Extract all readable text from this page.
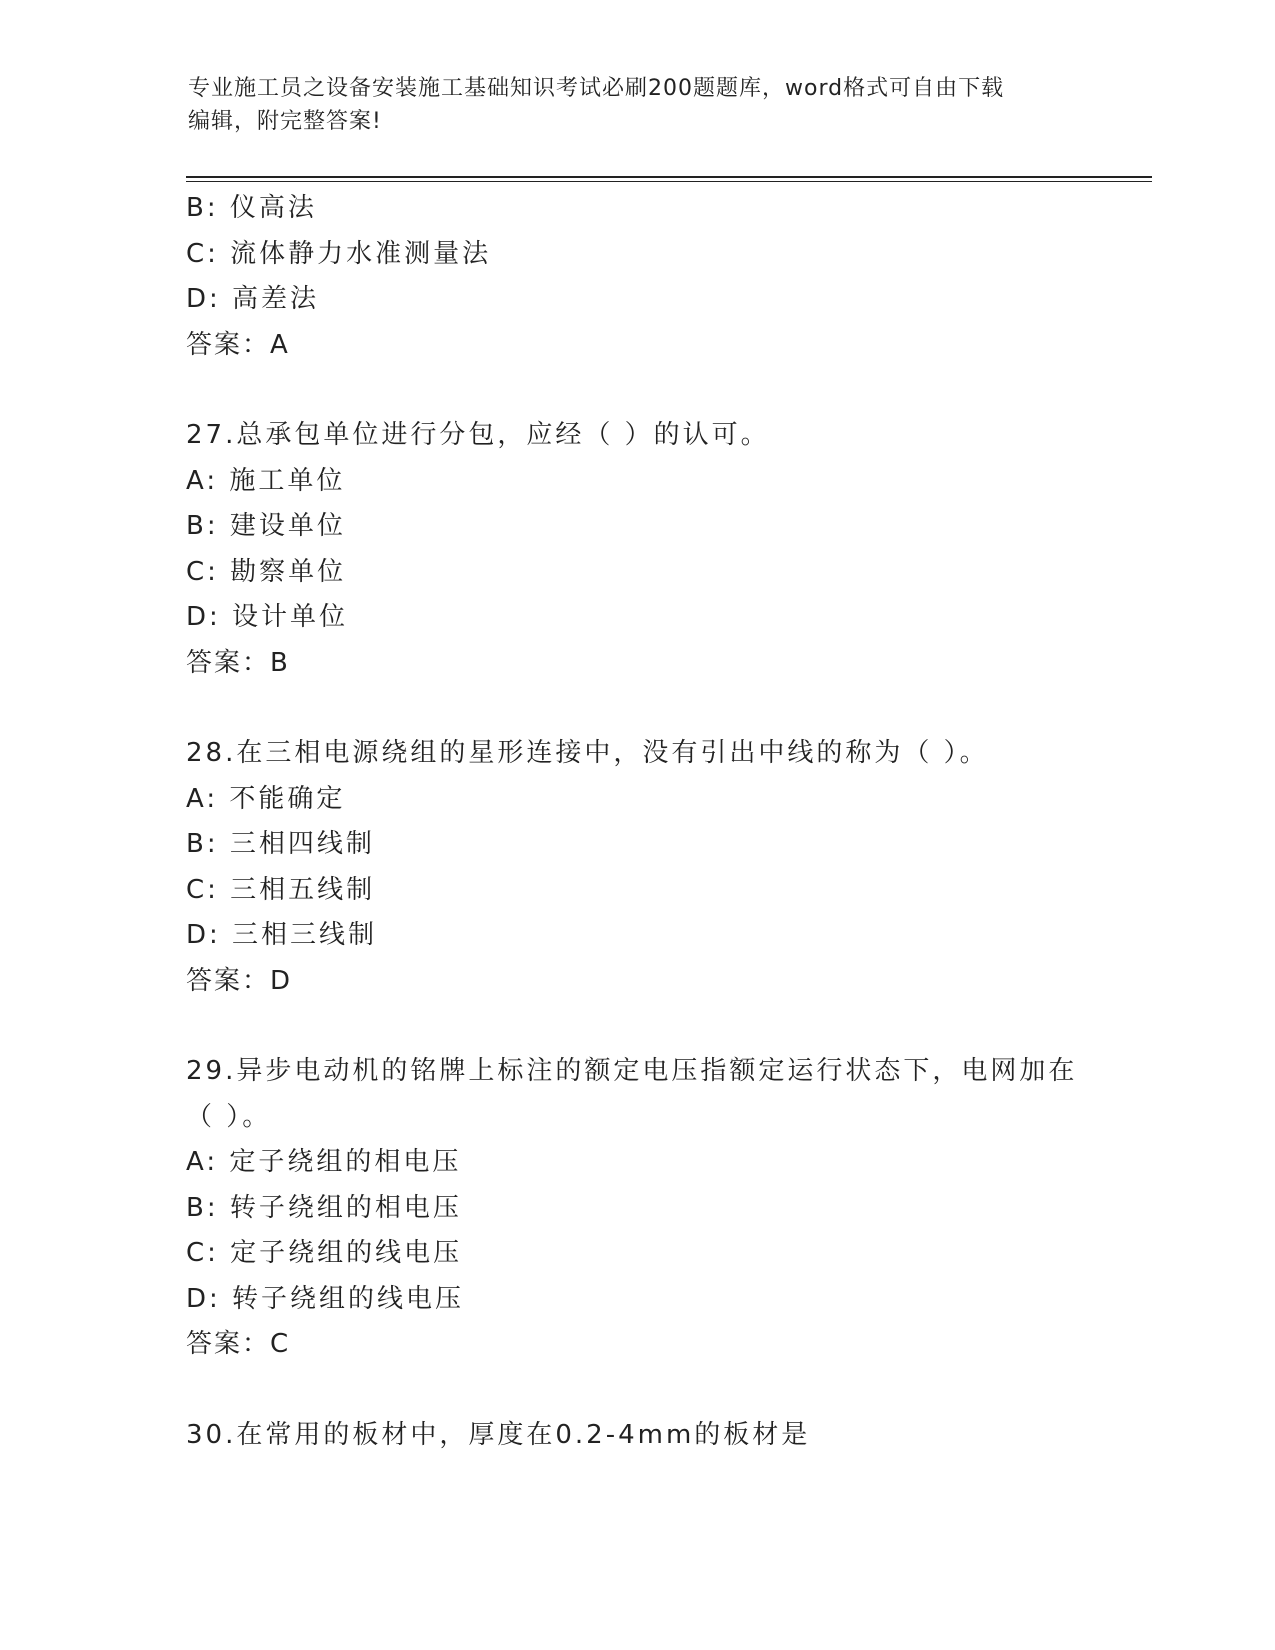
专业施工员之设备安装施工基础知识考试必刷200题题库，word格式可自由下载
编辑，附完整答案!
B: 仪高法
C: 流体静力水准测量法
D: 高差法
答案：A
27.总承包单位进行分包，应经（ ）的认可。
A: 施工单位
B: 建设单位
C: 勘察单位
D: 设计单位
答案：B
28.在三相电源绕组的星形连接中，没有引出中线的称为（ ）。
A: 不能确定
B: 三相四线制
C: 三相五线制
D: 三相三线制
答案：D
29.异步电动机的铭牌上标注的额定电压指额定运行状态下，电网加在
（ ）。
A: 定子绕组的相电压
B: 转子绕组的相电压
C: 定子绕组的线电压
D: 转子绕组的线电压
答案：C
30.在常用的板材中，厚度在0.2-4mm的板材是
